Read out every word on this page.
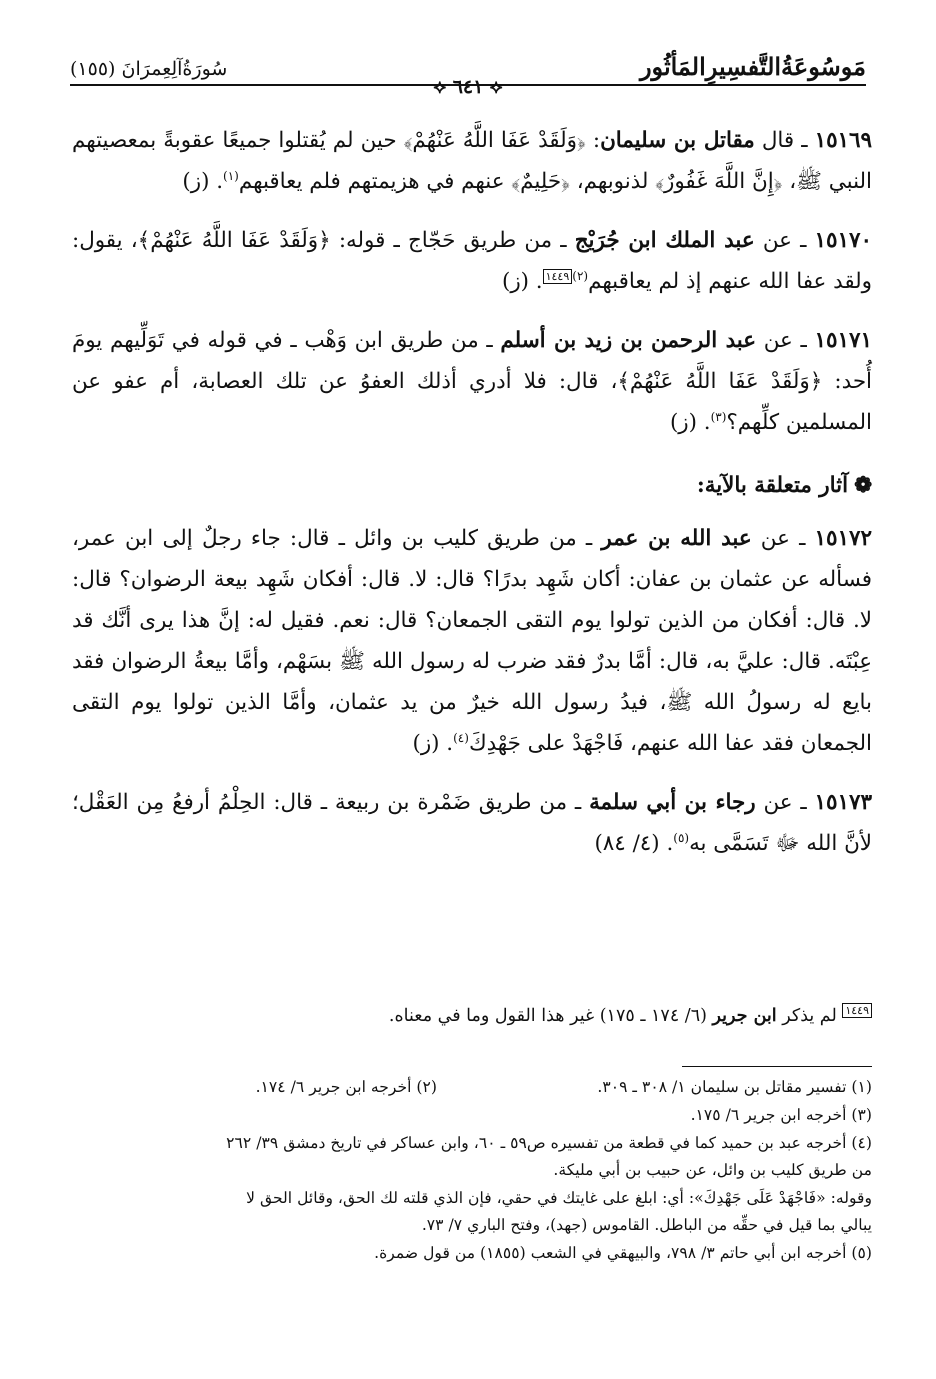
مَوسُوعَةُالتَّفسِيرِالمَأثُور
⟡ ٦٤١ ⟡
سُورَةُآلِعِمرَانَ (١٥٥)

١٥١٦٩ ـ قال مقاتل بن سليمان: ﴿وَلَقَدْ عَفَا اللَّهُ عَنْهُمْ﴾ حين لم يُقتلوا جميعًا عقوبةً بمعصيتهم النبي ﷺ، ﴿إِنَّ اللَّهَ غَفُورٌ﴾ لذنوبهم، ﴿حَلِيمٌ﴾ عنهم في هزيمتهم فلم يعاقبهم$^{(١)}$. (ز)

١٥١٧٠ ـ عن عبد الملك ابن جُرَيْج ـ من طريق حَجّاج ـ قوله: ﴿وَلَقَدْ عَفَا اللَّهُ عَنْهُمْ﴾، يقول: ولقد عفا الله عنهم إذ لم يعاقبهم$^{(٢)}$١٤٤٩. (ز)

١٥١٧١ ـ عن عبد الرحمن بن زيد بن أسلم ـ من طريق ابن وَهْب ـ في قوله في تَوَلِّيهم يومَ أُحد: ﴿وَلَقَدْ عَفَا اللَّهُ عَنْهُمْ﴾، قال: فلا أدري أذلك العفوُ عن تلك العصابة، أم عفو عن المسلمين كلِّهم؟$^{(٣)}$. (ز)

❁آثار متعلقة بالآية:

١٥١٧٢ ـ عن عبد الله بن عمر ـ من طريق كليب بن وائل ـ قال: جاء رجلٌ إلى ابن عمر، فسأله عن عثمان بن عفان: أكان شَهِد بدرًا؟ قال: لا. قال: أفكان شَهِد بيعة الرضوان؟ قال: لا. قال: أفكان من الذين تولوا يوم التقى الجمعان؟ قال: نعم. فقيل له: إنَّ هذا يرى أنَّك قد عِبْتَه. قال: عليَّ به، قال: أمَّا بدرٌ فقد ضرب له رسول الله ﷺ بسَهْم، وأمَّا بيعةُ الرضوان فقد بايع له رسولُ الله ﷺ، فيدُ رسول الله خيرٌ من يد عثمان، وأمَّا الذين تولوا يوم التقى الجمعان فقد عفا الله عنهم، فَاجْهَدْ على جَهْدِكَ$^{(٤)}$. (ز)

١٥١٧٣ ـ عن رجاء بن أبي سلمة ـ من طريق ضَمْرة بن ربيعة ـ قال: الحِلْمُ أرفعُ مِن العَقْل؛ لأنَّ الله ﷻ تَسَمَّى به$^{(٥)}$. (٤/ ٨٤)

١٤٤٩ لم يذكر ابن جرير (٦/ ١٧٤ ـ ١٧٥) غير هذا القول وما في معناه.
(١) تفسير مقاتل بن سليمان ١/ ٣٠٨ ـ ٣٠٩.
(٢) أخرجه ابن جرير ٦/ ١٧٤.
(٣) أخرجه ابن جرير ٦/ ١٧٥.
(٤) أخرجه عبد بن حميد كما في قطعة من تفسيره ص٥٩ ـ ٦٠، وابن عساكر في تاريخ دمشق ٣٩/ ٢٦٢
من طريق كليب بن وائل، عن حبيب بن أبي مليكة.
وقوله: «فَاجْهَدْ عَلَى جَهْدِكَ»: أي: ابلغ على غايتك في حقي، فإن الذي قلته لك الحق، وقائل الحق لا
يبالي بما قيل في حقِّه من الباطل. القاموس (جهد)، وفتح الباري ٧/ ٧٣.
(٥) أخرجه ابن أبي حاتم ٣/ ٧٩٨، والبيهقي في الشعب (١٨٥٥) من قول ضمرة.
